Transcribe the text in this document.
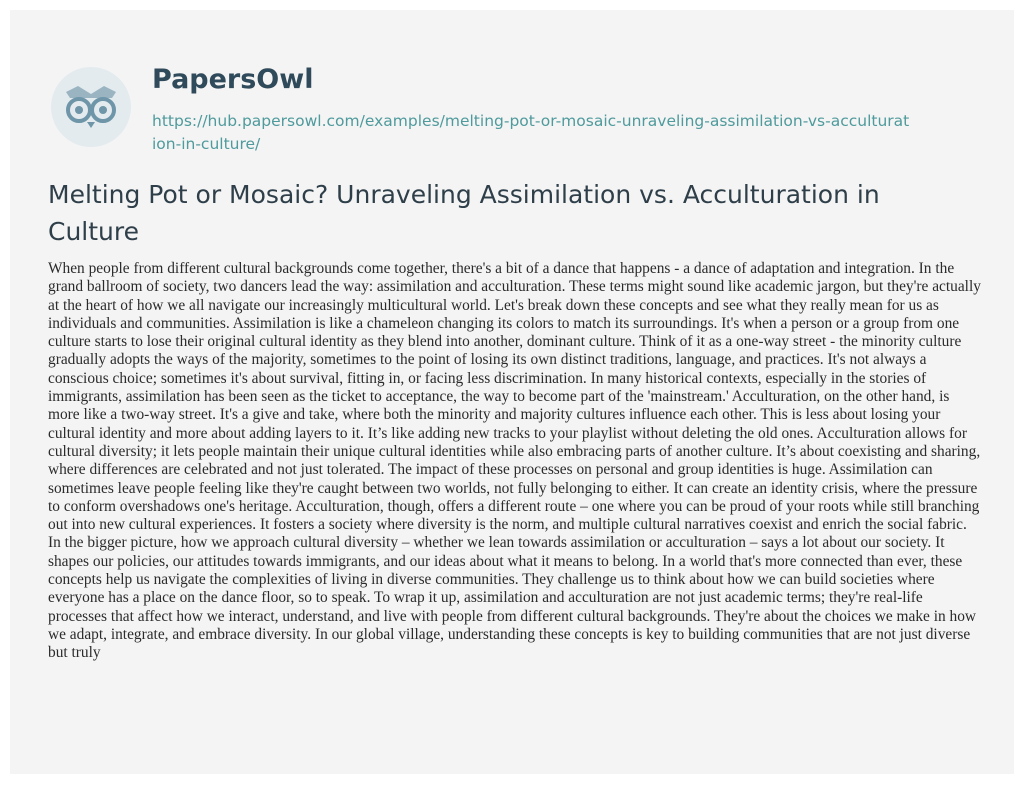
PapersOwl
https://hub.papersowl.com/examples/melting-pot-or-mosaic-unraveling-assimilation-vs-acculturation-in-culture/
Melting Pot or Mosaic? Unraveling Assimilation vs. Acculturation in Culture

When people from different cultural backgrounds come together, there's a bit of a dance that happens - a dance of adaptation and integration. In the grand ballroom of society, two dancers lead the way: assimilation and acculturation. These terms might sound like academic jargon, but they're actually at the heart of how we all navigate our increasingly multicultural world. Let's break down these concepts and see what they really mean for us as individuals and communities. Assimilation is like a chameleon changing its colors to match its surroundings. It's when a person or a group from one culture starts to lose their original cultural identity as they blend into another, dominant culture. Think of it as a one-way street - the minority culture gradually adopts the ways of the majority, sometimes to the point of losing its own distinct traditions, language, and practices. It's not always a conscious choice; sometimes it's about survival, fitting in, or facing less discrimination. In many historical contexts, especially in the stories of immigrants, assimilation has been seen as the ticket to acceptance, the way to become part of the 'mainstream.' Acculturation, on the other hand, is more like a two-way street. It's a give and take, where both the minority and majority cultures influence each other. This is less about losing your cultural identity and more about adding layers to it. It’s like adding new tracks to your playlist without deleting the old ones. Acculturation allows for cultural diversity; it lets people maintain their unique cultural identities while also embracing parts of another culture. It’s about coexisting and sharing, where differences are celebrated and not just tolerated. The impact of these processes on personal and group identities is huge. Assimilation can sometimes leave people feeling like they're caught between two worlds, not fully belonging to either. It can create an identity crisis, where the pressure to conform overshadows one's heritage. Acculturation, though, offers a different route – one where you can be proud of your roots while still branching out into new cultural experiences. It fosters a society where diversity is the norm, and multiple cultural narratives coexist and enrich the social fabric. In the bigger picture, how we approach cultural diversity – whether we lean towards assimilation or acculturation – says a lot about our society. It shapes our policies, our attitudes towards immigrants, and our ideas about what it means to belong. In a world that's more connected than ever, these concepts help us navigate the complexities of living in diverse communities. They challenge us to think about how we can build societies where everyone has a place on the dance floor, so to speak. To wrap it up, assimilation and acculturation are not just academic terms; they're real-life processes that affect how we interact, understand, and live with people from different cultural backgrounds. They're about the choices we make in how we adapt, integrate, and embrace diversity. In our global village, understanding these concepts is key to building communities that are not just diverse but truly
